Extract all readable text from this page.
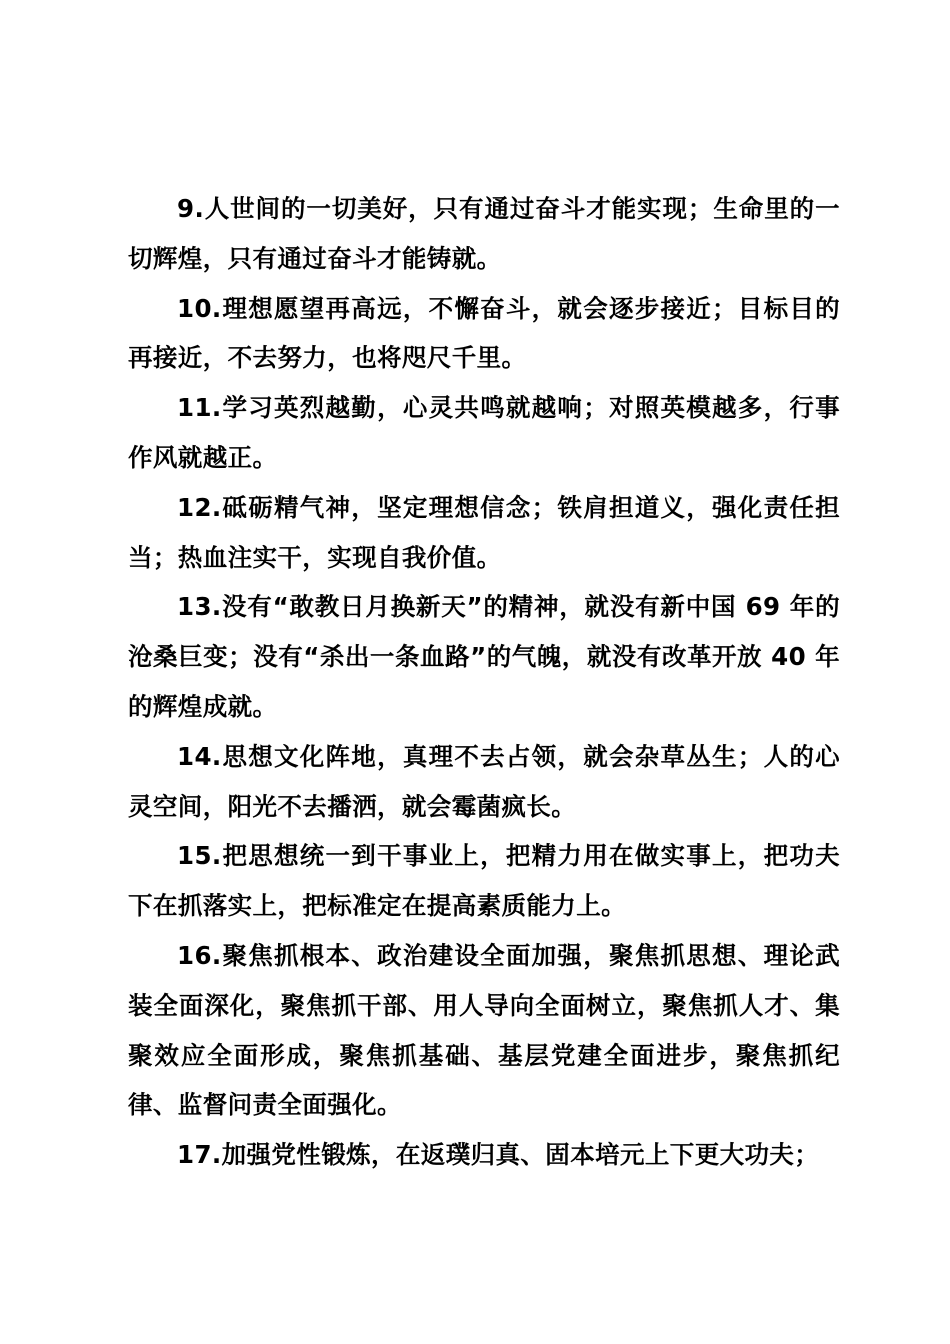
9.人世间的一切美好，只有通过奋斗才能实现；生命里的一切辉煌，只有通过奋斗才能铸就。

10.理想愿望再高远，不懈奋斗，就会逐步接近；目标目的再接近，不去努力，也将咫尺千里。

11.学习英烈越勤，心灵共鸣就越响；对照英模越多，行事作风就越正。

12.砥砺精气神，坚定理想信念；铁肩担道义，强化责任担当；热血注实干，实现自我价值。

13.没有“敢教日月换新天”的精神，就没有新中国 69 年的沧桑巨变；没有“杀出一条血路”的气魄，就没有改革开放 40 年的辉煌成就。

14.思想文化阵地，真理不去占领，就会杂草丛生；人的心灵空间，阳光不去播洒，就会霉菌疯长。

15.把思想统一到干事业上，把精力用在做实事上，把功夫下在抓落实上，把标准定在提高素质能力上。

16.聚焦抓根本、政治建设全面加强，聚焦抓思想、理论武装全面深化，聚焦抓干部、用人导向全面树立，聚焦抓人才、集聚效应全面形成，聚焦抓基础、基层党建全面进步，聚焦抓纪律、监督问责全面强化。

17.加强党性锻炼，在返璞归真、固本培元上下更大功夫；
